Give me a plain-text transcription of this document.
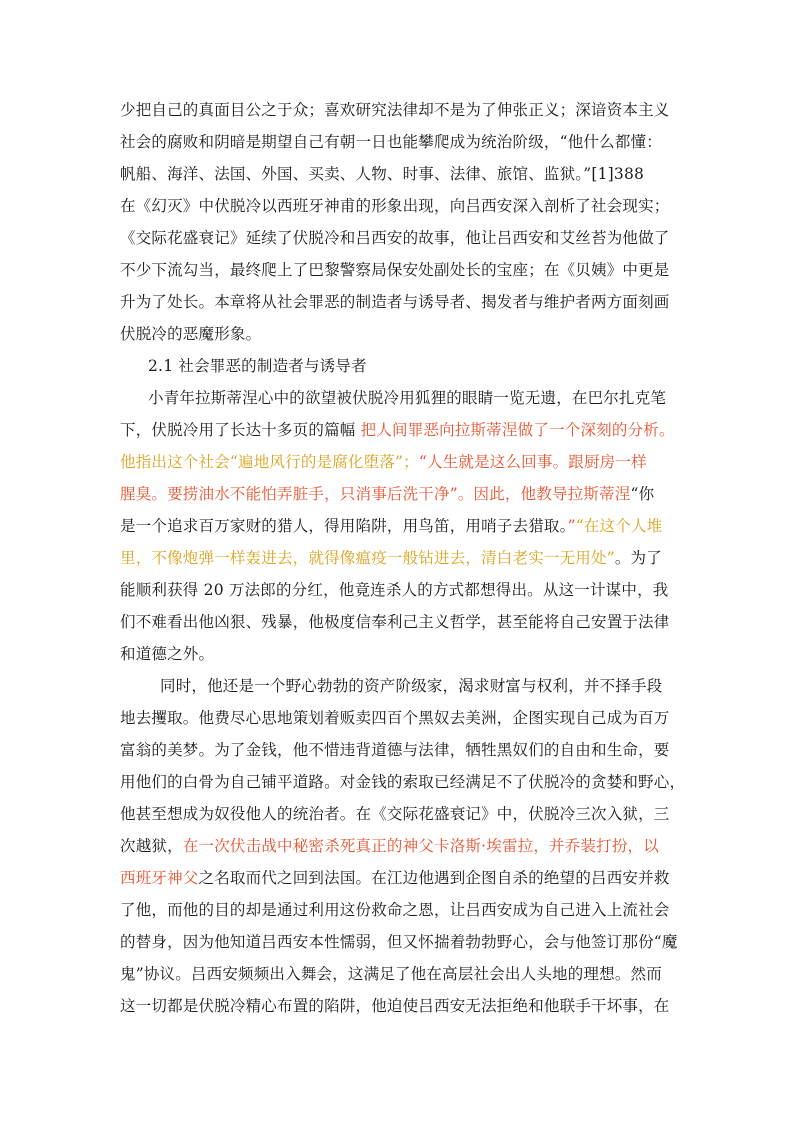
少把自己的真面目公之于众；喜欢研究法律却不是为了伸张正义；深谙资本主义
社会的腐败和阴暗是期望自己有朝一日也能攀爬成为统治阶级，“他什么都懂：
帆船、海洋、法国、外国、买卖、人物、时事、法律、旅馆、监狱。”[1]388
在《幻灭》中伏脱冷以西班牙神甫的形象出现，向吕西安深入剖析了社会现实；
《交际花盛衰记》延续了伏脱冷和吕西安的故事，他让吕西安和艾丝苔为他做了
不少下流勾当，最终爬上了巴黎警察局保安处副处长的宝座；在《贝姨》中更是
升为了处长。本章将从社会罪恶的制造者与诱导者、揭发者与维护者两方面刻画
伏脱冷的恶魔形象。
2.1 社会罪恶的制造者与诱导者
小青年拉斯蒂涅心中的欲望被伏脱冷用狐狸的眼睛一览无遗，在巴尔扎克笔
下，伏脱冷用了长达十多页的篇幅 把人间罪恶向拉斯蒂涅做了一个深刻的分析。
他指出这个社会“遍地风行的是腐化堕落”；“人生就是这么回事。跟厨房一样
腥臭。要捞油水不能怕弄脏手，只消事后洗干净”。因此，他教导拉斯蒂涅“你
是一个追求百万家财的猎人，得用陷阱，用鸟笛，用哨子去猎取。”“在这个人堆
里，不像炮弹一样轰进去，就得像瘟疫一般钻进去，清白老实一无用处”。为了
能顺利获得 20 万法郎的分红，他竟连杀人的方式都想得出。从这一计谋中，我
们不难看出他凶狠、残暴，他极度信奉利己主义哲学，甚至能将自己安置于法律
和道德之外。
同时，他还是一个野心勃勃的资产阶级家，渴求财富与权利，并不择手段
地去攫取。他费尽心思地策划着贩卖四百个黑奴去美洲，企图实现自己成为百万
富翁的美梦。为了金钱，他不惜违背道德与法律，牺牲黑奴们的自由和生命，要
用他们的白骨为自己铺平道路。对金钱的索取已经满足不了伏脱冷的贪婪和野心，
他甚至想成为奴役他人的统治者。在《交际花盛衰记》中，伏脱冷三次入狱，三
次越狱，在一次伏击战中秘密杀死真正的神父卡洛斯·埃雷拉，并乔装打扮，以
西班牙神父之名取而代之回到法国。在江边他遇到企图自杀的绝望的吕西安并救
了他，而他的目的却是通过利用这份救命之恩，让吕西安成为自己进入上流社会
的替身，因为他知道吕西安本性懦弱，但又怀揣着勃勃野心，会与他签订那份“魔
鬼”协议。吕西安频频出入舞会，这满足了他在高层社会出人头地的理想。然而
这一切都是伏脱冷精心布置的陷阱，他迫使吕西安无法拒绝和他联手干坏事，在
